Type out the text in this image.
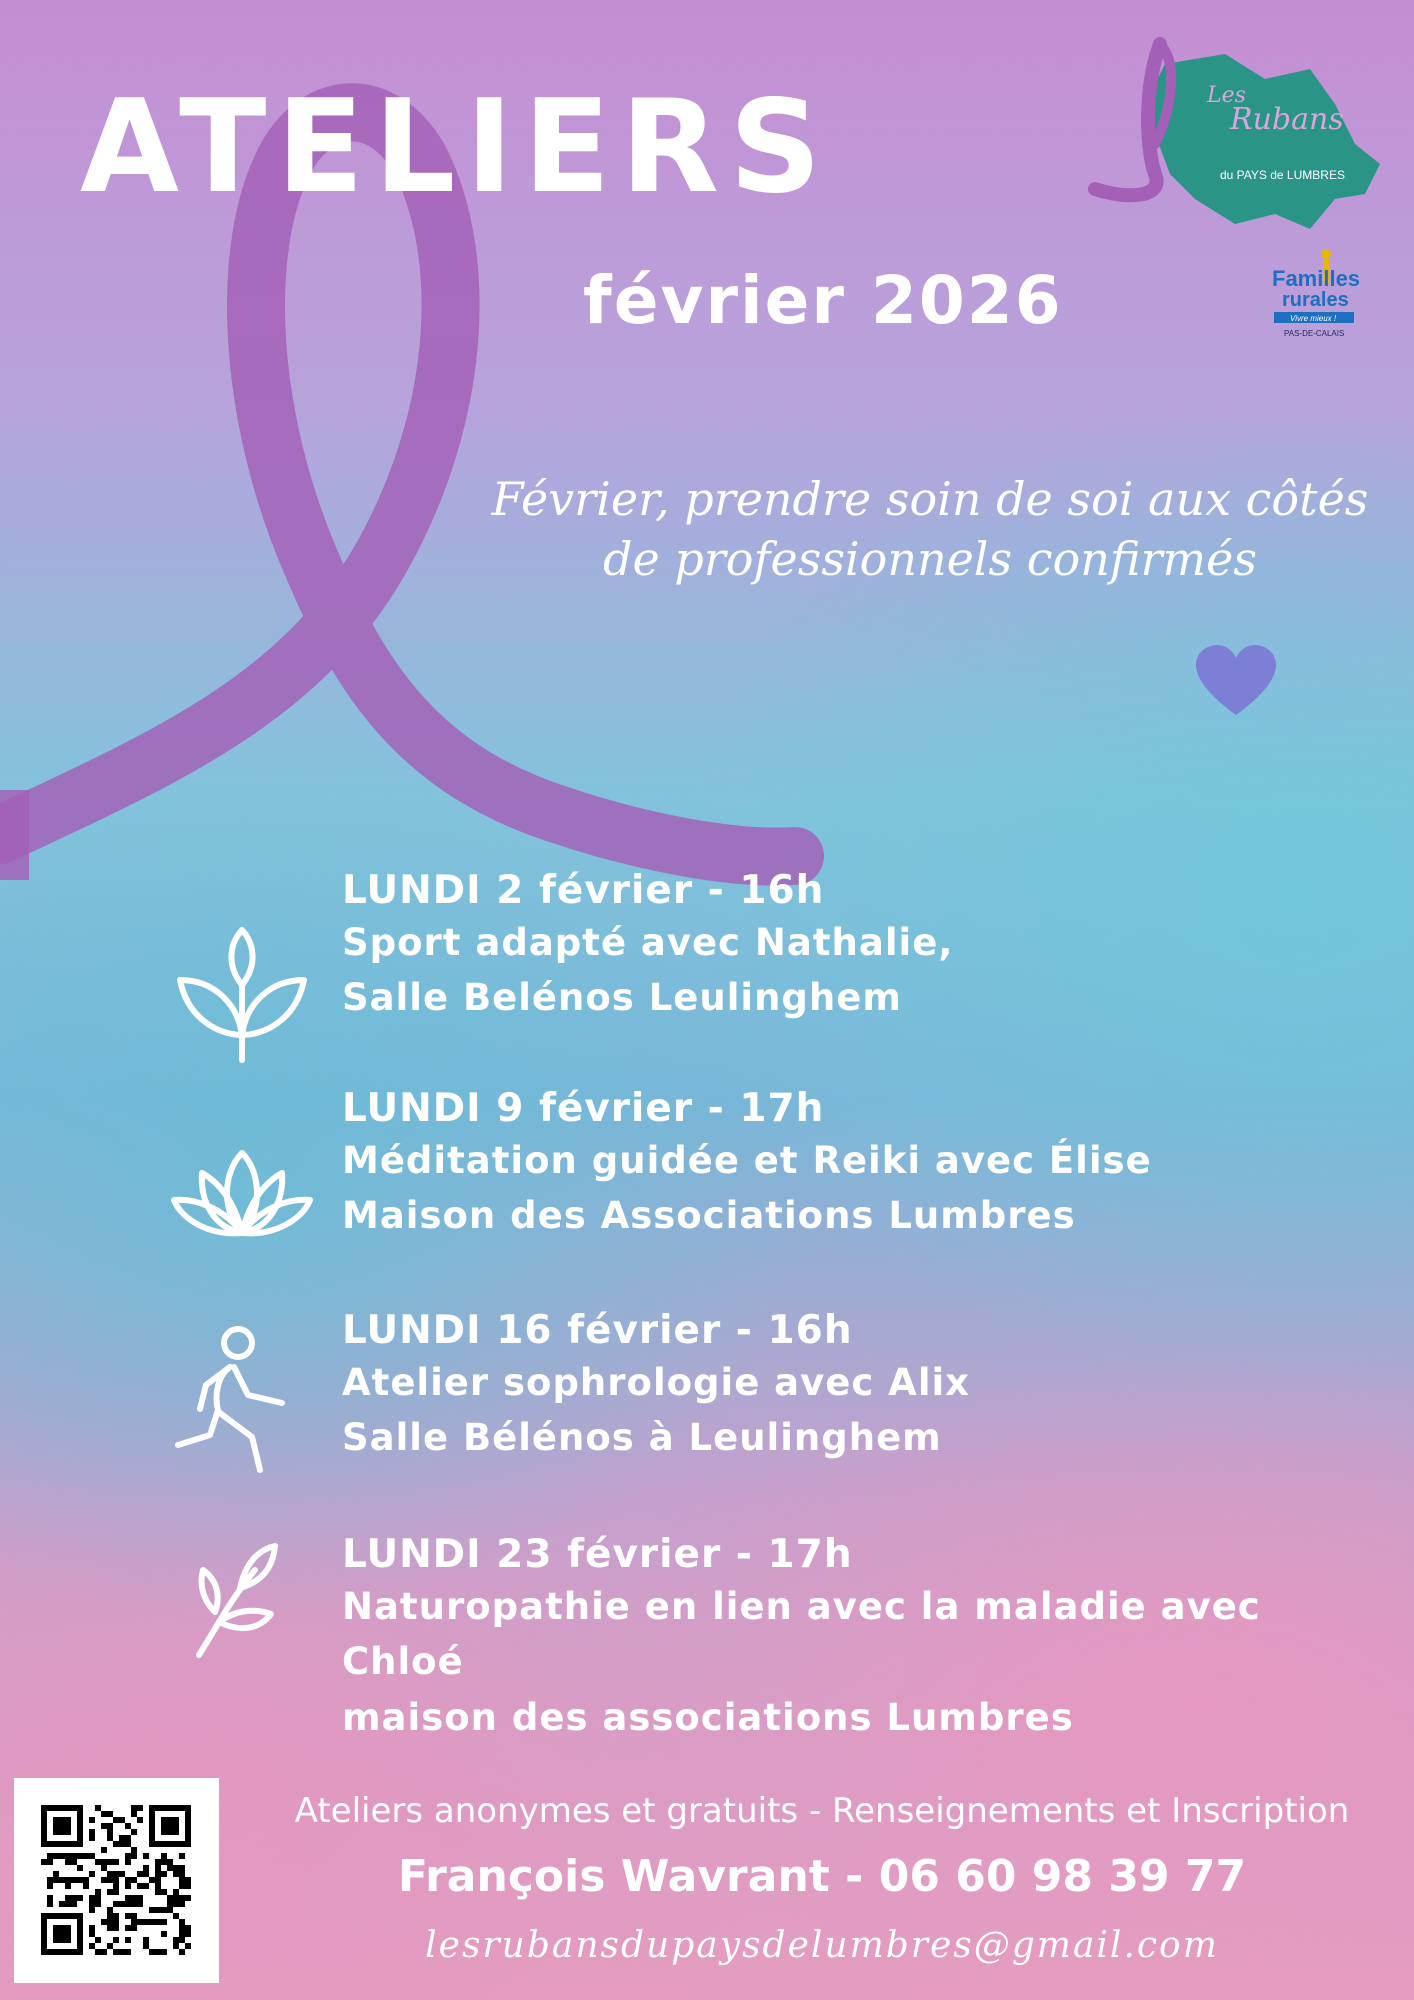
ATELIERS
février 2026
Les
Rubans
du PAYS de LUMBRES
Familles
rurales
Vivre mieux !
PAS-DE-CALAIS

Février, prendre soin de soi aux côtés
de professionnels confirmés

LUNDI 2 février - 16h
Sport adapté avec Nathalie,
Salle Belénos Leulinghem
LUNDI 9 février - 17h
Méditation guidée et Reiki avec Élise
Maison des Associations Lumbres
LUNDI 16 février - 16h
Atelier sophrologie avec Alix
Salle Bélénos à Leulinghem
LUNDI 23 février - 17h
Naturopathie en lien avec la maladie avec Chloé
maison des associations Lumbres

Ateliers anonymes et gratuits - Renseignements et Inscription

François Wavrant - 06 60 98 39 77

lesrubansdupaysdelumbres@gmail.com
